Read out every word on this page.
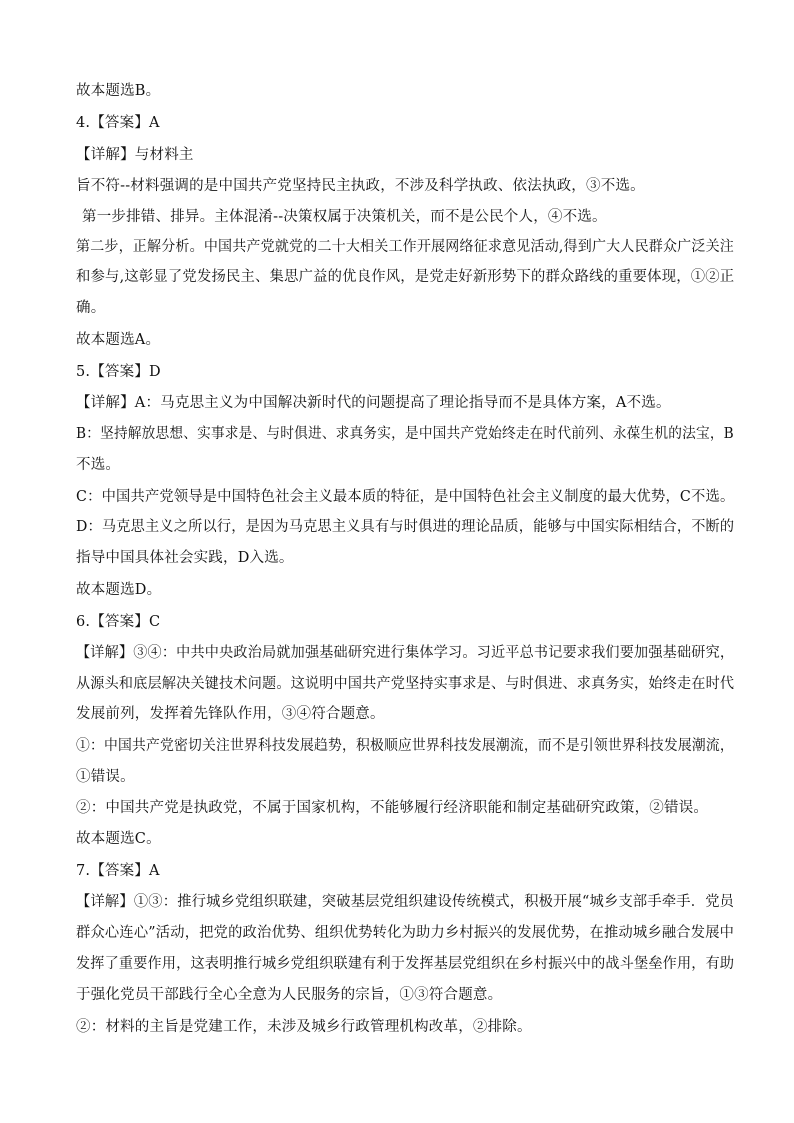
故本题选B。
4.【答案】A
【详解】与材料主
旨不符--材料强调的是中国共产党坚持民主执政，不涉及科学执政、依法执政，③不选。
第一步排错、排异。主体混淆--决策权属于决策机关，而不是公民个人，④不选。
第二步，正解分析。中国共产党就党的二十大相关工作开展网络征求意见活动,得到广大人民群众广泛关注
和参与,这彰显了党发扬民主、集思广益的优良作风，是党走好新形势下的群众路线的重要体现，①②正
确。
故本题选A。
5.【答案】D
【详解】A：马克思主义为中国解决新时代的问题提高了理论指导而不是具体方案，A不选。
B：坚持解放思想、实事求是、与时俱进、求真务实，是中国共产党始终走在时代前列、永葆生机的法宝，B
不选。
C：中国共产党领导是中国特色社会主义最本质的特征，是中国特色社会主义制度的最大优势，C不选。
D：马克思主义之所以行，是因为马克思主义具有与时俱进的理论品质，能够与中国实际相结合，不断的
指导中国具体社会实践，D入选。
故本题选D。
6.【答案】C
【详解】③④：中共中央政治局就加强基础研究进行集体学习。习近平总书记要求我们要加强基础研究，
从源头和底层解决关键技术问题。这说明中国共产党坚持实事求是、与时俱进、求真务实，始终走在时代
发展前列，发挥着先锋队作用，③④符合题意。
①：中国共产党密切关注世界科技发展趋势，积极顺应世界科技发展潮流，而不是引领世界科技发展潮流，
①错误。
②：中国共产党是执政党，不属于国家机构，不能够履行经济职能和制定基础研究政策，②错误。
故本题选C。
7.【答案】A
【详解】①③：推行城乡党组织联建，突破基层党组织建设传统模式，积极开展“城乡支部手牵手．党员
群众心连心”活动，把党的政治优势、组织优势转化为助力乡村振兴的发展优势，在推动城乡融合发展中
发挥了重要作用，这表明推行城乡党组织联建有利于发挥基层党组织在乡村振兴中的战斗堡垒作用，有助
于强化党员干部践行全心全意为人民服务的宗旨，①③符合题意。
②：材料的主旨是党建工作，未涉及城乡行政管理机构改革，②排除。
